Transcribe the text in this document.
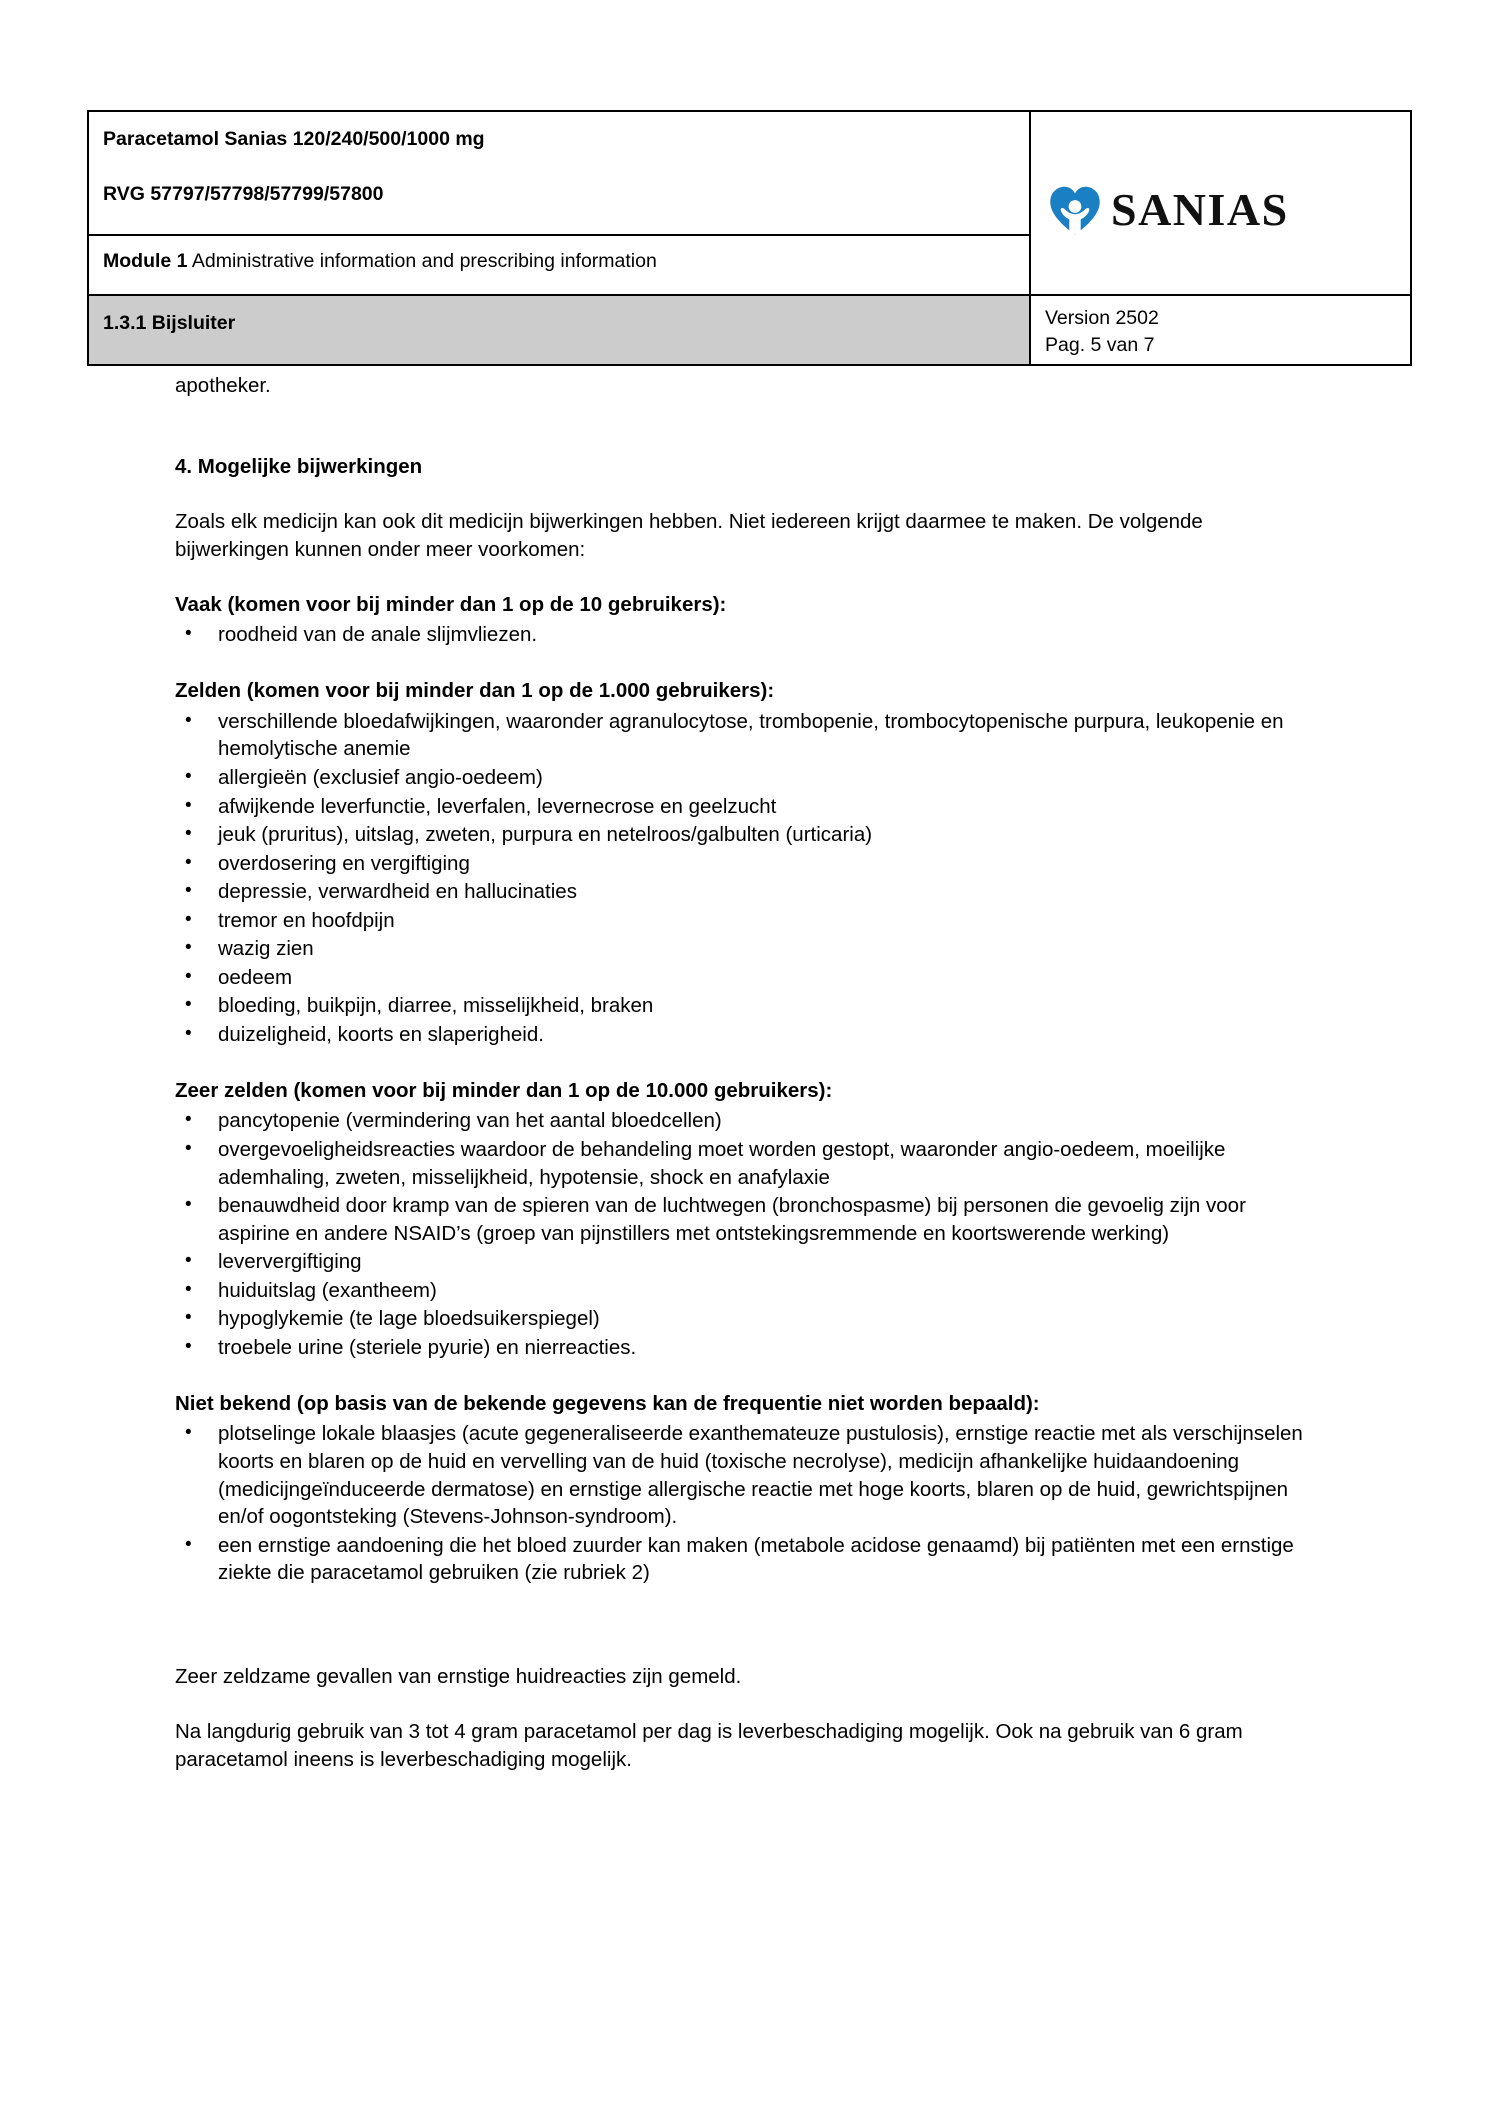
Paracetamol Sanias 120/240/500/1000 mg
RVG 57797/57798/57799/57800	SANIAS

Module 1 Administrative information and prescribing information	

1.3.1 Bijsluiter	Version 2502
Pag. 5 van 7

apotheker.

4. Mogelijke bijwerkingen

Zoals elk medicijn kan ook dit medicijn bijwerkingen hebben. Niet iedereen krijgt daarmee te maken. De volgende bijwerkingen kunnen onder meer voorkomen:

Vaak (komen voor bij minder dan 1 op de 10 gebruikers):

• roodheid van de anale slijmvliezen.

Zelden (komen voor bij minder dan 1 op de 1.000 gebruikers):

• verschillende bloedafwijkingen, waaronder agranulocytose, trombopenie, trombocytopenische purpura, leukopenie en hemolytische anemie
• allergieën (exclusief angio-oedeem)
• afwijkende leverfunctie, leverfalen, levernecrose en geelzucht
• jeuk (pruritus), uitslag, zweten, purpura en netelroos/galbulten (urticaria)
• overdosering en vergiftiging
• depressie, verwardheid en hallucinaties
• tremor en hoofdpijn
• wazig zien
• oedeem
• bloeding, buikpijn, diarree, misselijkheid, braken
• duizeligheid, koorts en slaperigheid.

Zeer zelden (komen voor bij minder dan 1 op de 10.000 gebruikers):

• pancytopenie (vermindering van het aantal bloedcellen)
• overgevoeligheidsreacties waardoor de behandeling moet worden gestopt, waaronder angio-oedeem, moeilijke ademhaling, zweten, misselijkheid, hypotensie, shock en anafylaxie
• benauwdheid door kramp van de spieren van de luchtwegen (bronchospasme) bij personen die gevoelig zijn voor aspirine en andere NSAID’s (groep van pijnstillers met ontstekingsremmende en koortswerende werking)
• leververgiftiging
• huiduitslag (exantheem)
• hypoglykemie (te lage bloedsuikerspiegel)
• troebele urine (steriele pyurie) en nierreacties.

Niet bekend (op basis van de bekende gegevens kan de frequentie niet worden bepaald):

• plotselinge lokale blaasjes (acute gegeneraliseerde exanthemateuze pustulosis), ernstige reactie met als verschijnselen koorts en blaren op de huid en vervelling van de huid (toxische necrolyse), medicijn afhankelijke huidaandoening (medicijngeïnduceerde dermatose) en ernstige allergische reactie met hoge koorts, blaren op de huid, gewrichtspijnen en/of oogontsteking (Stevens-Johnson-syndroom).
• een ernstige aandoening die het bloed zuurder kan maken (metabole acidose genaamd) bij patiënten met een ernstige ziekte die paracetamol gebruiken (zie rubriek 2)

Zeer zeldzame gevallen van ernstige huidreacties zijn gemeld.

Na langdurig gebruik van 3 tot 4 gram paracetamol per dag is leverbeschadiging mogelijk. Ook na gebruik van 6 gram paracetamol ineens is leverbeschadiging mogelijk.
